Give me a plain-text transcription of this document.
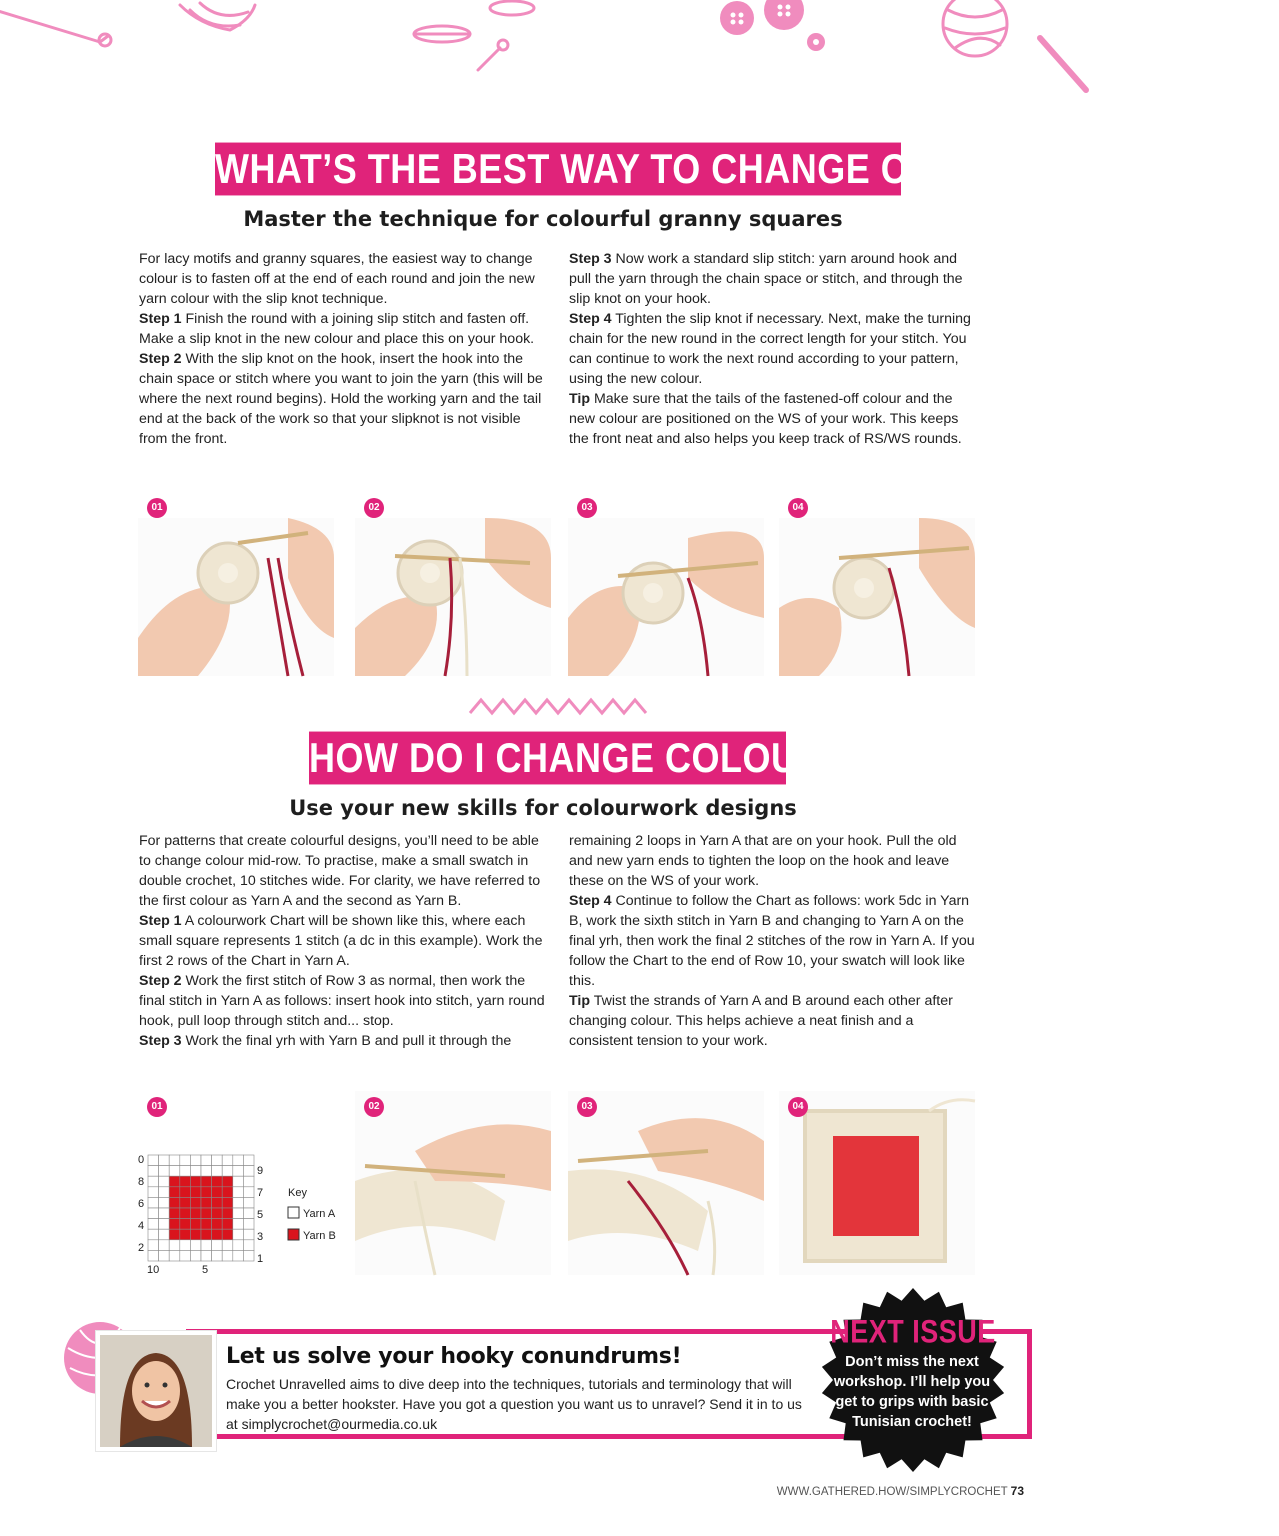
WHAT’S THE BEST WAY TO CHANGE COLOUR IN ROUNDS?
Master the technique for colourful granny squares

For lacy motifs and granny squares, the easiest way to change colour is to fasten off at the end of each round and join the new yarn colour with the slip knot technique.

Step 1 Finish the round with a joining slip stitch and fasten off. Make a slip knot in the new colour and place this on your hook.

Step 2 With the slip knot on the hook, insert the hook into the chain space or stitch where you want to join the yarn (this will be where the next round begins). Hold the working yarn and the tail end at the back of the work so that your slipknot is not visible from the front.

Step 3 Now work a standard slip stitch: yarn around hook and pull the yarn through the chain space or stitch, and through the slip knot on your hook.

Step 4 Tighten the slip knot if necessary. Next, make the turning chain for the new round in the correct length for your stitch. You can continue to work the next round according to your pattern, using the new colour.

Tip Make sure that the tails of the fastened-off colour and the new colour are positioned on the WS of your work. This keeps the front neat and also helps you keep track of RS/WS rounds.

01	02	03	04
HOW DO I CHANGE COLOUR MID-ROW?
Use your new skills for colourwork designs

For patterns that create colourful designs, you’ll need to be able to change colour mid-row. To practise, make a small swatch in double crochet, 10 stitches wide. For clarity, we have referred to the first colour as Yarn A and the second as Yarn B.

Step 1 A colourwork Chart will be shown like this, where each small square represents 1 stitch (a dc in this example). Work the first 2 rows of the Chart in Yarn A.

Step 2 Work the first stitch of Row 3 as normal, then work the final stitch in Yarn A as follows: insert hook into stitch, yarn round hook, pull loop through stitch and... stop.

Step 3 Work the final yrh with Yarn B and pull it through the

remaining 2 loops in Yarn A that are on your hook. Pull the old and new yarn ends to tighten the loop on the hook and leave these on the WS of your work.

Step 4 Continue to follow the Chart as follows: work 5dc in Yarn B, work the sixth stitch in Yarn B and changing to Yarn A on the final yrh, then work the final 2 stitches of the row in Yarn A. If you follow the Chart to the end of Row 10, your swatch will look like this.

Tip Twist the strands of Yarn A and B around each other after changing colour. This helps achieve a neat finish and a consistent tension to your work.

01
0
8
6
4
2
9
7
5
3
1
10	5
Key
Yarn A
Yarn B
02	03	04
Let us solve your hooky conundrums!
Crochet Unravelled aims to dive deep into the techniques, tutorials and terminology that will make you a better hookster. Have you got a question you want us to unravel? Send it in to us at simplycrochet@ourmedia.co.uk
NEXT ISSUE
Don’t miss the next workshop. I’ll help you get to grips with basic Tunisian crochet!
WWW.GATHERED.HOW/SIMPLYCROCHET 73
